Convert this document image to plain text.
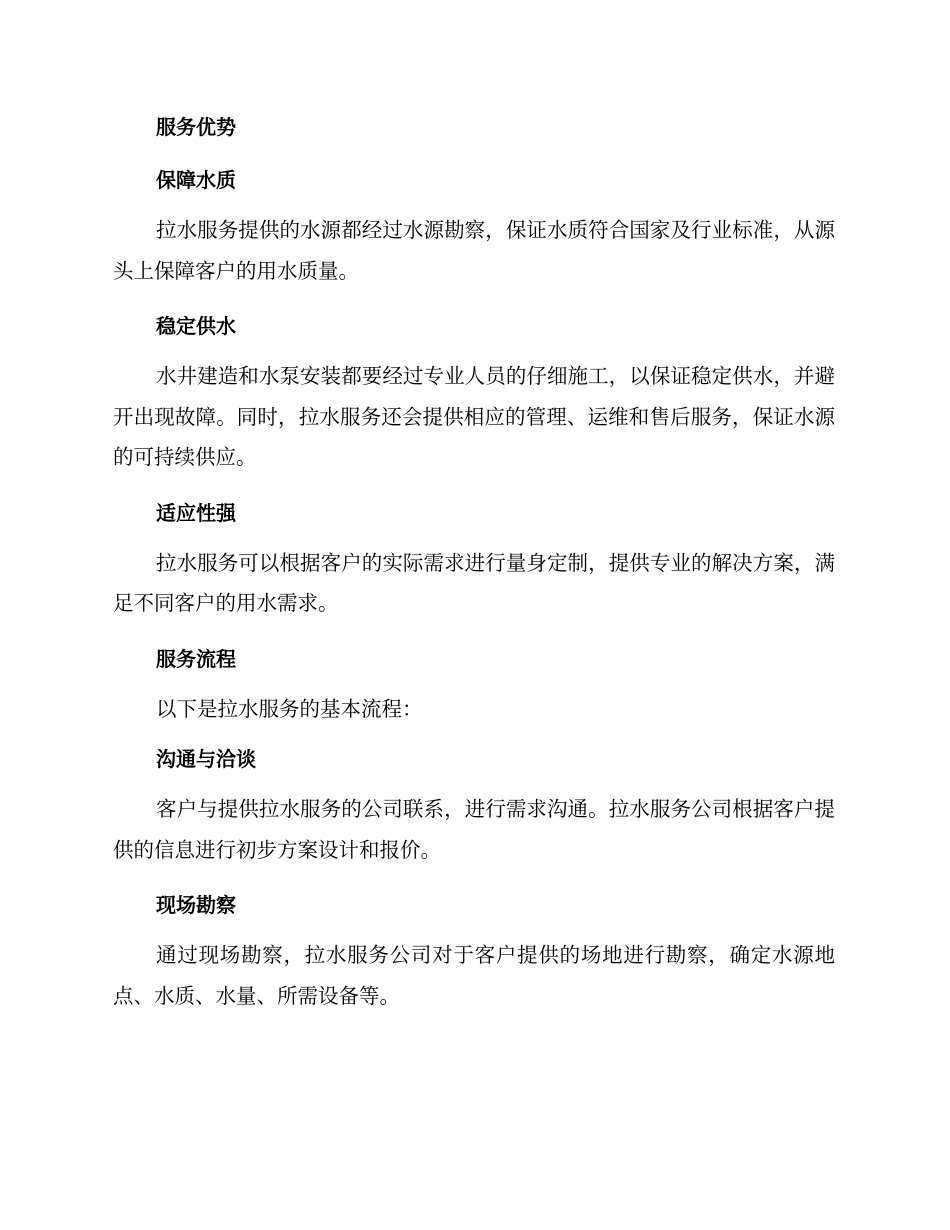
服务优势
保障水质

拉水服务提供的水源都经过水源勘察，保证水质符合国家及行业标准，从源头上保障客户的用水质量。

稳定供水

水井建造和水泵安装都要经过专业人员的仔细施工，以保证稳定供水，并避开出现故障。同时，拉水服务还会提供相应的管理、运维和售后服务，保证水源的可持续供应。

适应性强

拉水服务可以根据客户的实际需求进行量身定制，提供专业的解决方案，满足不同客户的用水需求。

服务流程

以下是拉水服务的基本流程：

沟通与洽谈

客户与提供拉水服务的公司联系，进行需求沟通。拉水服务公司根据客户提供的信息进行初步方案设计和报价。

现场勘察

通过现场勘察，拉水服务公司对于客户提供的场地进行勘察，确定水源地点、水质、水量、所需设备等。
